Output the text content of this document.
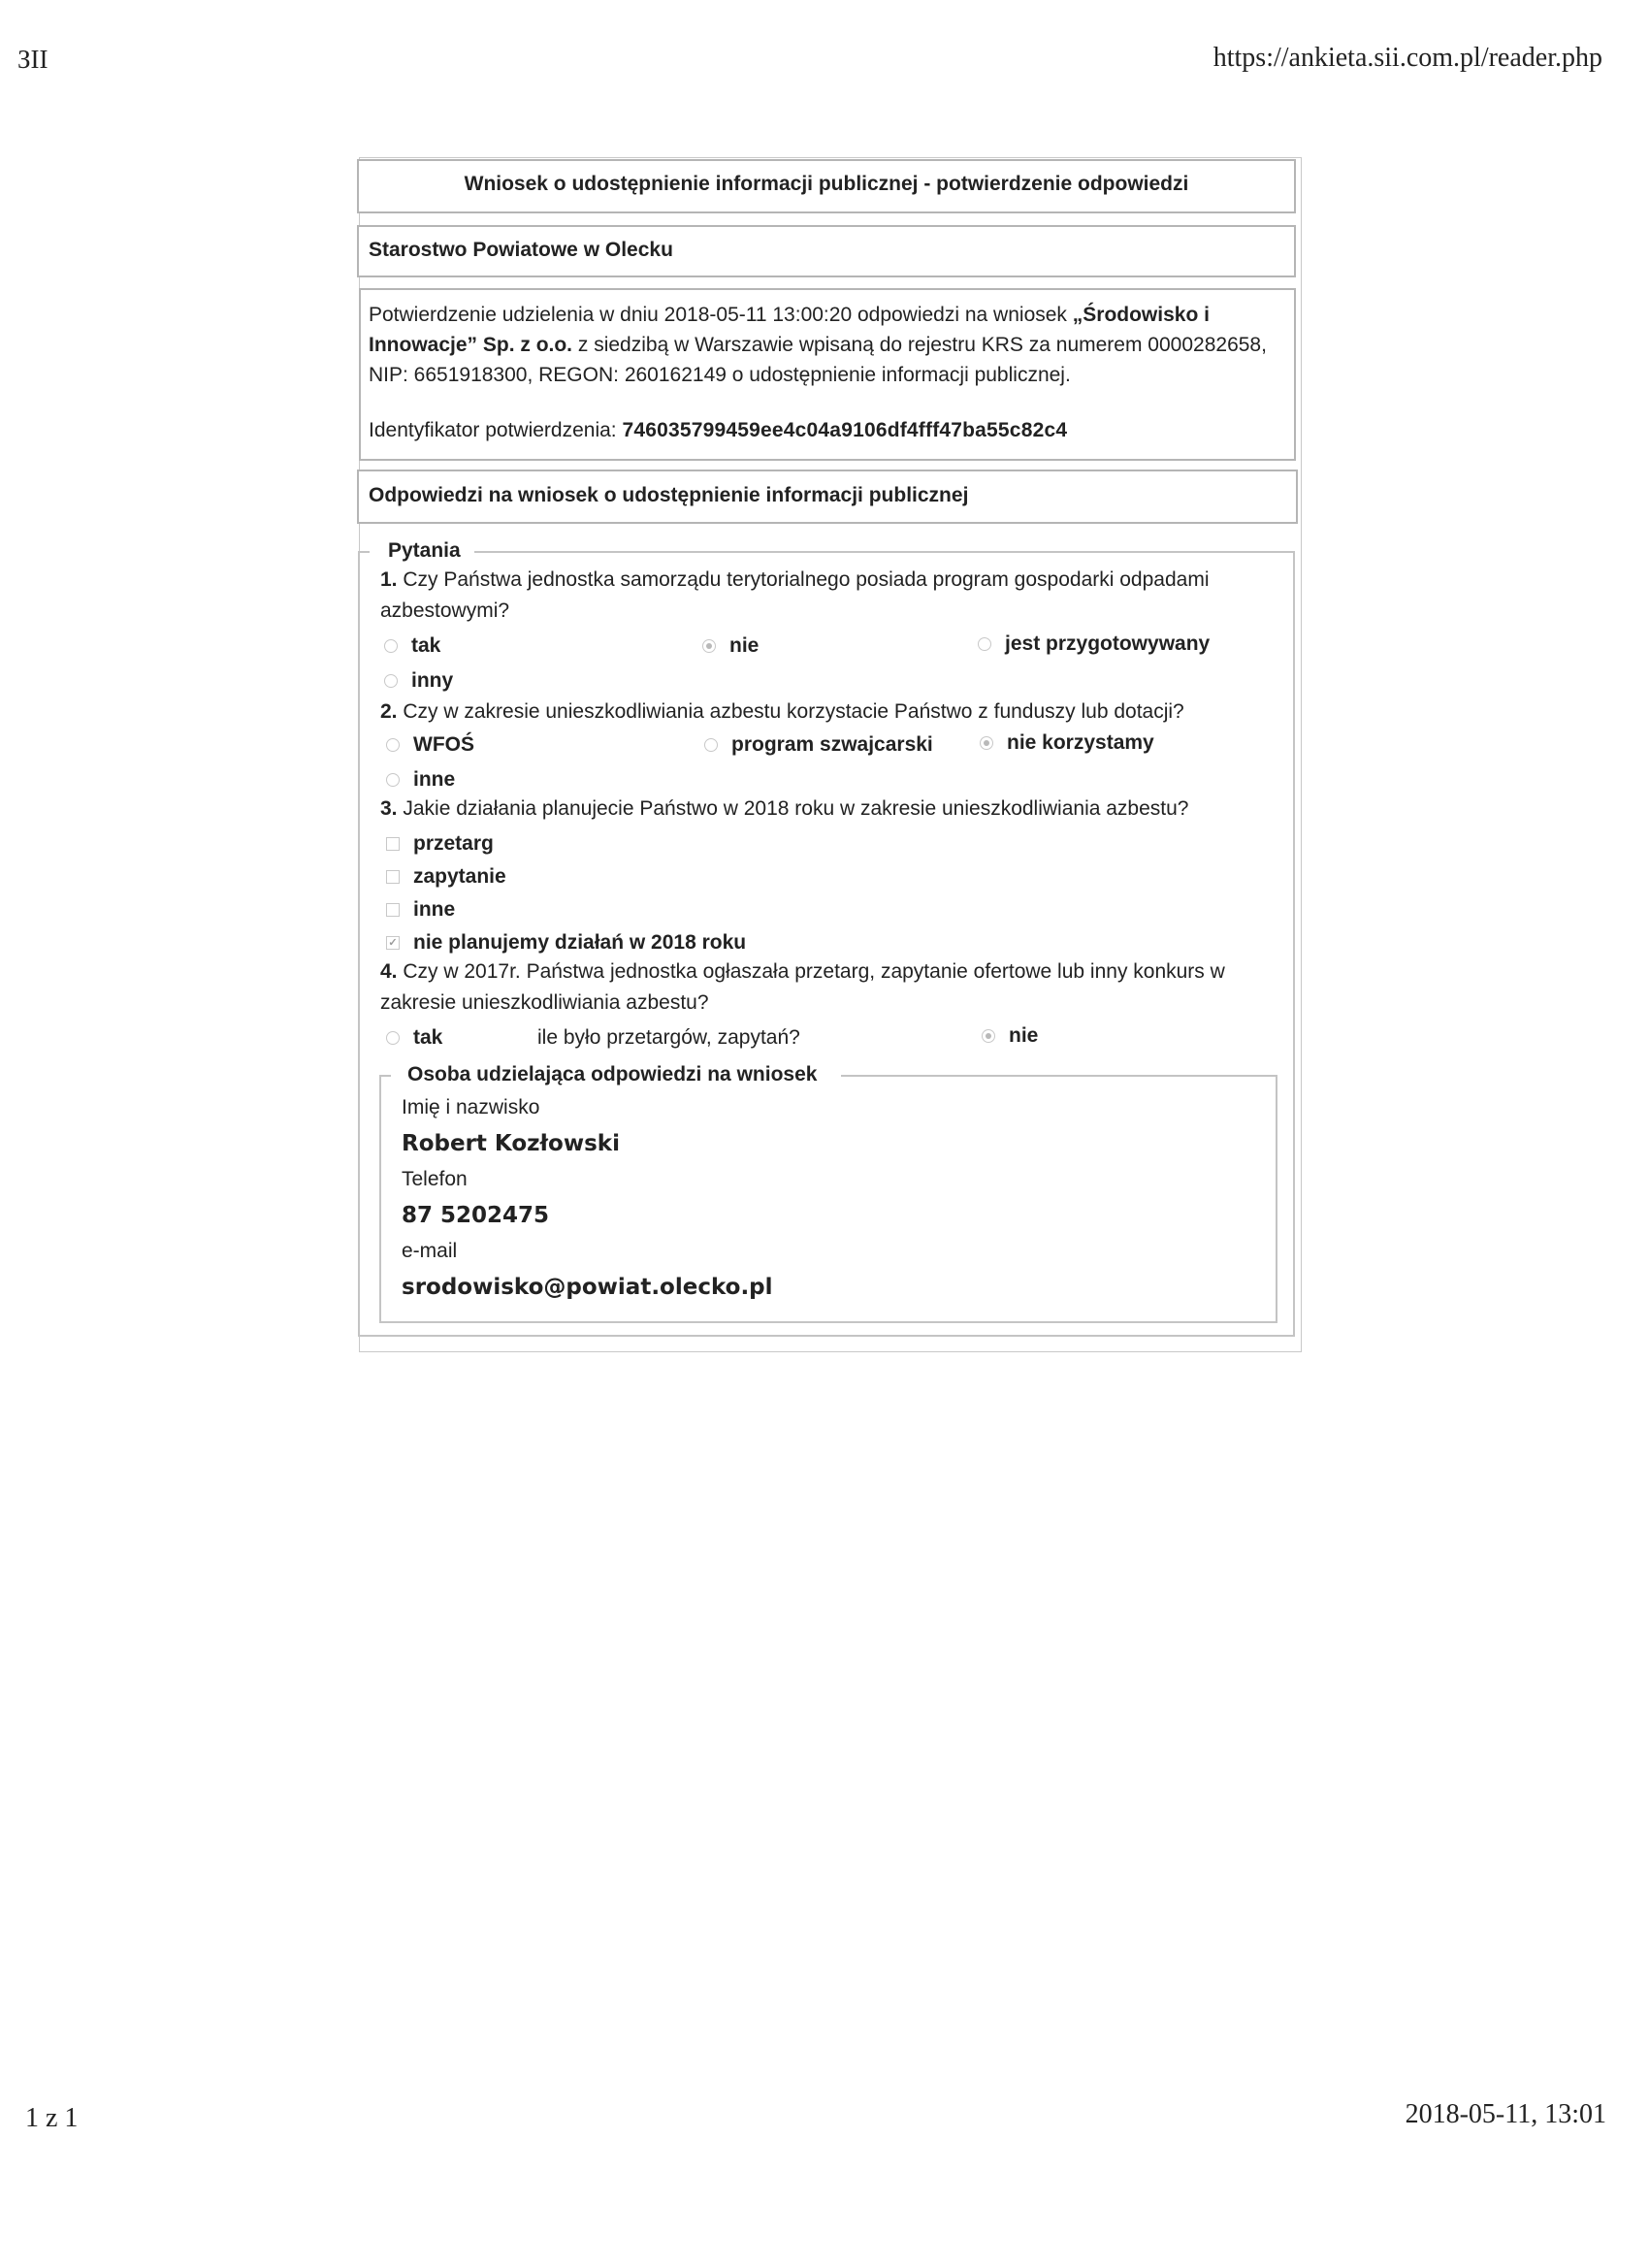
ЗII	https://ankieta.sii.com.pl/reader.php
Wniosek o udostępnienie informacji publicznej - potwierdzenie odpowiedzi
Starostwo Powiatowe w Olecku
Potwierdzenie udzielenia w dniu 2018-05-11 13:00:20 odpowiedzi na wniosek „Środowisko i Innowacje” Sp. z o.o. z siedzibą w Warszawie wpisaną do rejestru KRS za numerem 0000282658, NIP: 6651918300, REGON: 260162149 o udostępnienie informacji publicznej.
Identyfikator potwierdzenia: 746035799459ee4c04a9106df4fff47ba55c82c4
Odpowiedzi na wniosek o udostępnienie informacji publicznej
Pytania
1. Czy Państwa jednostka samorządu terytorialnego posiada program gospodarki odpadami azbestowymi?
tak	nie	jest przygotowywany
inny
2. Czy w zakresie unieszkodliwiania azbestu korzystacie Państwo z funduszy lub dotacji?
WFOŚ	program szwajcarski	nie korzystamy
inne
3. Jakie działania planujecie Państwo w 2018 roku w zakresie unieszkodliwiania azbestu?
przetarg
zapytanie
inne
✓ nie planujemy działań w 2018 roku
4. Czy w 2017r. Państwa jednostka ogłaszała przetarg, zapytanie ofertowe lub inny konkurs w zakresie unieszkodliwiania azbestu?
tak	ile było przetargów, zapytań?	nie
Osoba udzielająca odpowiedzi na wniosek
Imię i nazwisko
Robert Kozłowski
Telefon
87 5202475
e-mail
srodowisko@powiat.olecko.pl
1 z 1	2018-05-11, 13:01
